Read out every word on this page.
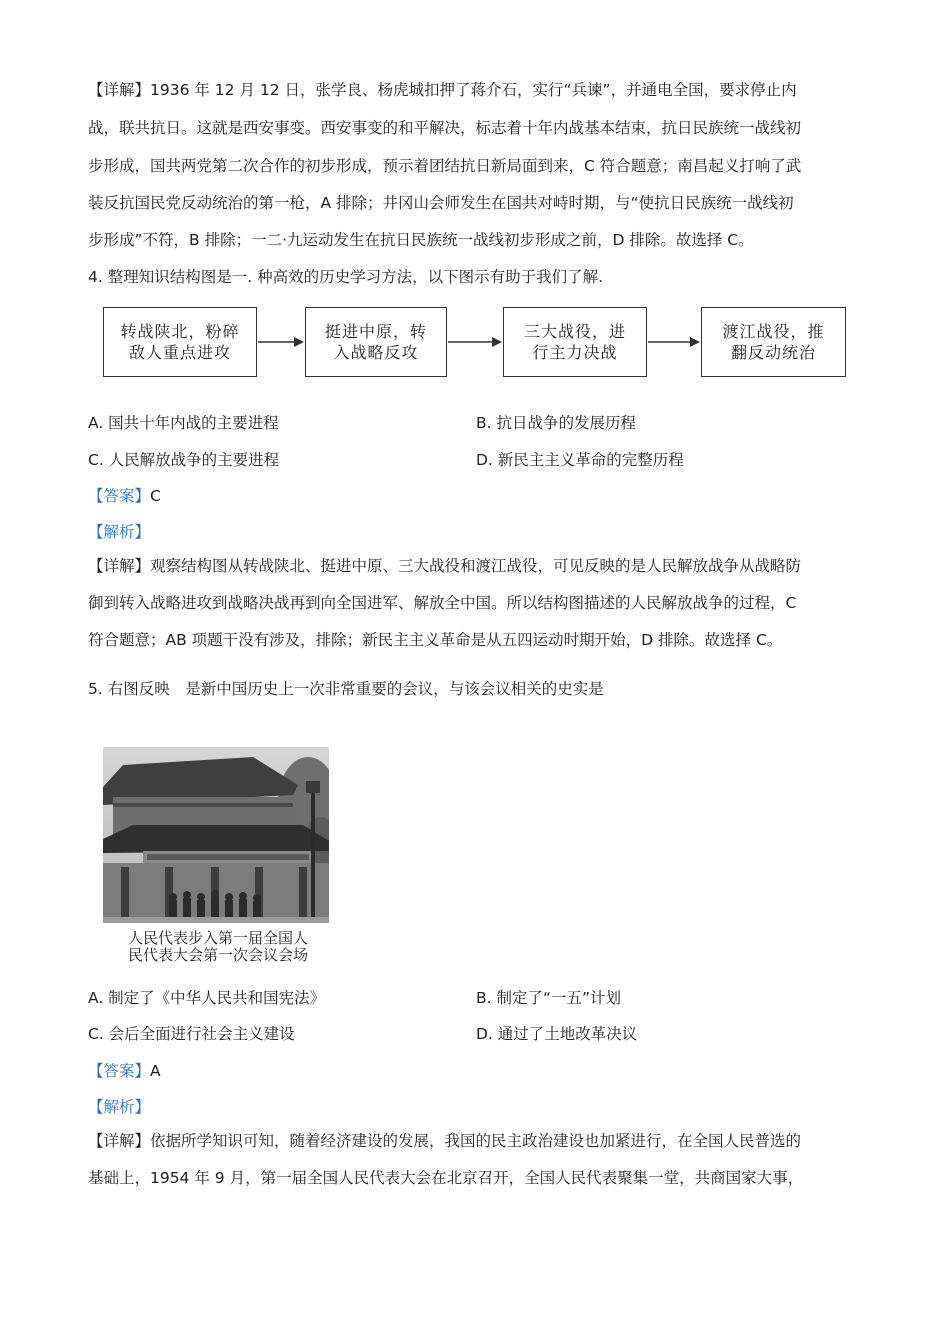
【详解】1936 年 12 月 12 日，张学良、杨虎城扣押了蒋介石，实行“兵谏”，并通电全国，要求停止内
战，联共抗日。这就是西安事变。西安事变的和平解决，标志着十年内战基本结束，抗日民族统一战线初
步形成，国共两党第二次合作的初步形成，预示着团结抗日新局面到来，C 符合题意；南昌起义打响了武
装反抗国民党反动统治的第一枪，A 排除；井冈山会师发生在国共对峙时期，与“使抗日民族统一战线初
步形成”不符，B 排除；一二·九运动发生在抗日民族统一战线初步形成之前，D 排除。故选择 C。
4. 整理知识结构图是一. 种高效的历史学习方法，以下图示有助于我们了解.
转战陕北，粉碎
敌人重点进攻
挺进中原，转
入战略反攻
三大战役，进
行主力决战
渡江战役，推
翻反动统治
A. 国共十年内战的主要进程	B. 抗日战争的发展历程
C. 人民解放战争的主要进程	D. 新民主主义革命的完整历程
【答案】C
【解析】
【详解】观察结构图从转战陕北、挺进中原、三大战役和渡江战役，可见反映的是人民解放战争从战略防
御到转入战略进攻到战略决战再到向全国进军、解放全中国。所以结构图描述的人民解放战争的过程，C
符合题意；AB 项题干没有涉及，排除；新民主主义革命是从五四运动时期开始，D 排除。故选择 C。
5. 右图反映　是新中国历史上一次非常重要的会议，与该会议相关的史实是
人民代表步入第一届全国人
民代表大会第一次会议会场
A. 制定了《中华人民共和国宪法》	B. 制定了“一五”计划
C. 会后全面进行社会主义建设	D. 通过了土地改革决议
【答案】A
【解析】
【详解】依据所学知识可知，随着经济建设的发展，我国的民主政治建设也加紧进行，在全国人民普选的
基础上，1954 年 9 月，第一届全国人民代表大会在北京召开，全国人民代表聚集一堂，共商国家大事，
